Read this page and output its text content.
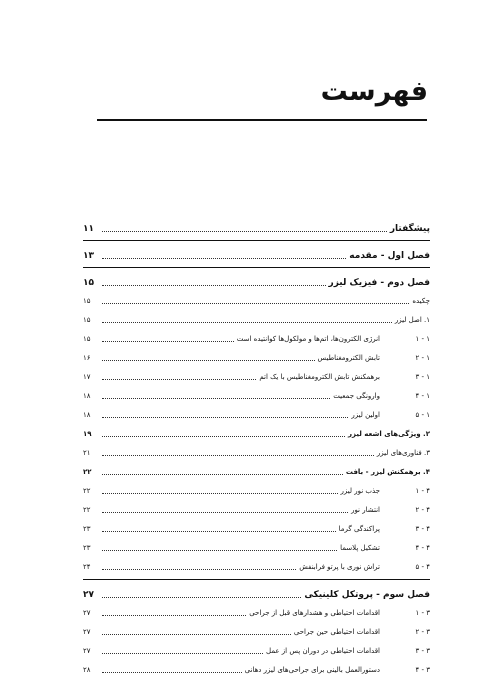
فهرست
پیشگفتار
۱۱
فصل اول - مقدمه
۱۳
فصل دوم - فیزیک لیزر
۱۵
چکیده
۱۵
۱. اصل لیزر
۱۵
۱ - ۱
انرژی الکترون‌ها، اتم‌ها و مولکول‌ها کوانتیده است
۱۵
۱ - ۲
تابش الکترومغناطیس
۱۶
۱ - ۳
برهمکنش تابش الکترومغناطیس با یک اتم
۱۷
۱ - ۴
وارونگی جمعیت
۱۸
۱ - ۵
اولین لیزر
۱۸
۲. ویژگی‌های اشعه لیزر
۱۹
۳. فناوری‌های لیزر
۲۱
۴. برهمکنش لیزر - بافت
۲۲
۴ - ۱
جذب نور لیزر
۲۲
۴ - ۲
انتشار نور
۲۲
۴ - ۳
پراکندگی گرما
۲۳
۴ - ۴
تشکیل پلاسما
۲۳
۴ - ۵
تراش نوری با پرتو فرابنفش
۲۴
فصل سوم - پروتکل کلینیکی
۲۷
۳ - ۱
اقدامات احتیاطی و هشدارهای قبل از جراحی
۲۷
۳ - ۲
اقدامات احتیاطی حین جراحی
۲۷
۳ - ۳
اقدامات احتیاطی در دوران پس از عمل
۲۷
۳ - ۴
دستورالعمل بالینی برای جراحی‌های لیزر دهانی
۲۸
